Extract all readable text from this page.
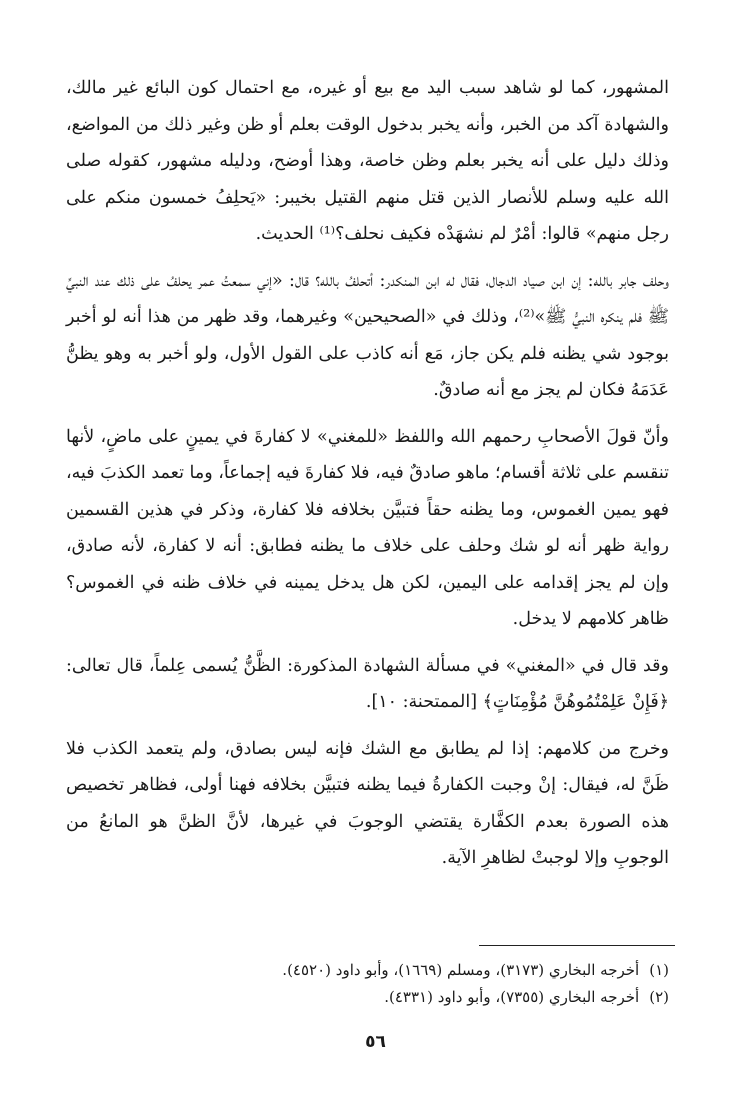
المشهور، كما لو شاهد سبب اليد مع بيع أو غيره، مع احتمال كون البائع غير مالك، والشهادة آكد من الخبر، وأنه يخبر بدخول الوقت بعلم أو ظن وغير ذلك من المواضع، وذلك دليل على أنه يخبر بعلم وظن خاصة، وهذا أوضح، ودليله مشهور، كقوله صلى الله عليه وسلم للأنصار الذين قتل منهم القتيل بخيبر: «يَحلِفُ خمسون منكم على رجل منهم» قالوا: أمْرٌ لم نشهَدْه فكيف نحلف؟⁽¹⁾ الحديث.

وحلف جابر بالله: إن ابن صياد الدجال، فقال له ابن المنكدر: أتحلفُ بالله؟ قال: «إني سمعتُ عمر يحلفُ على ذلك عند النبيِّ ﷺ فلم ينكره النبيُّ ﷺ»⁽²⁾، وذلك في «الصحيحين» وغيرهما، وقد ظهر من هذا أنه لو أخبر بوجود شي يظنه فلم يكن جاز، مَع أنه كاذب على القول الأول، ولو أخبر به وهو يظنُّ عَدَمَهُ فكان لم يجز مع أنه صادقٌ.

وأنّ قولَ الأصحابِ رحمهم الله واللفظ «للمغني» لا كفارةَ في يمينٍ على ماضٍ، لأنها تنقسم على ثلاثة أقسام؛ ماهو صادقٌ فيه، فلا كفارةَ فيه إجماعاً، وما تعمد الكذبَ فيه، فهو يمين الغموس، وما يظنه حقاً فتبيَّن بخلافه فلا كفارة، وذكر في هذين القسمين رواية ظهر أنه لو شك وحلف على خلاف ما يظنه فطابق: أنه لا كفارة، لأنه صادق، وإن لم يجز إقدامه على اليمين، لكن هل يدخل يمينه في خلاف ظنه في الغموس؟ ظاهر كلامهم لا يدخل.

وقد قال في «المغني» في مسألة الشهادة المذكورة: الظَّنُّ يُسمى عِلماً، قال تعالى: ﴿فَإِنْ عَلِمْتُمُوهُنَّ مُؤْمِنَاتٍ﴾ [الممتحنة: ١٠].

وخرج من كلامهم: إذا لم يطابق مع الشك فإنه ليس بصادق، ولم يتعمد الكذب فلا ظَنَّ له، فيقال: إنْ وجبت الكفارةُ فيما يظنه فتبيَّن بخلافه فهنا أولى، فظاهر تخصيص هذه الصورة بعدم الكفَّارة يقتضي الوجوبَ في غيرها، لأنَّ الظنَّ هو المانعُ من الوجوبِ وإلا لوجبتْ لظاهرِ الآية.

(١)
أخرجه البخاري (٣١٧٣)، ومسلم (١٦٦٩)، وأبو داود (٤٥٢٠).
(٢)
أخرجه البخاري (٧٣٥٥)، وأبو داود (٤٣٣١).
٥٦
